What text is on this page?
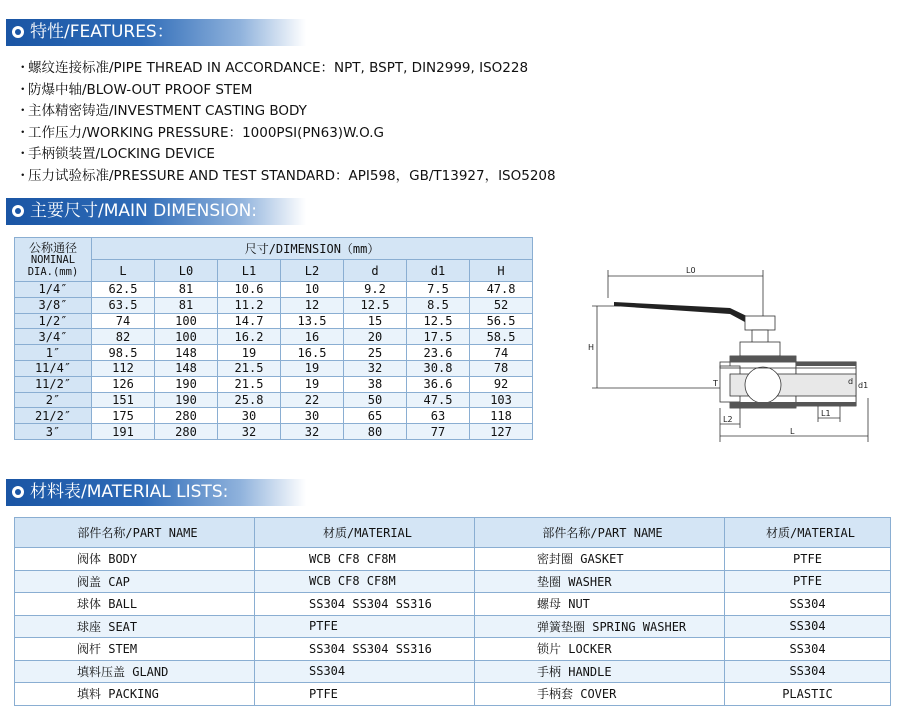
特性/FEATURES：
・螺纹连接标准/PIPE THREAD IN ACCORDANCE：NPT, BSPT, DIN2999, ISO228
・防爆中轴/BLOW-OUT PROOF STEM
・主体精密铸造/INVESTMENT CASTING BODY
・工作压力/WORKING PRESSURE：1000PSI(PN63)W.O.G
・手柄锁装置/LOCKING DEVICE
・压力试验标准/PRESSURE AND TEST STANDARD：API598，GB/T13927，ISO5208
主要尺寸/MAIN DIMENSION:
公称通径
NOMINAL
DIA.(mm)	尺寸/DIMENSION（mm）						
	L	L0	L1	L2	d	d1	H
1/4″	62.5	81	10.6	10	9.2	7.5	47.8
3/8″	63.5	81	11.2	12	12.5	8.5	52
1/2″	74	100	14.7	13.5	15	12.5	56.5
3/4″	82	100	16.2	16	20	17.5	58.5
1″	98.5	148	19	16.5	25	23.6	74
11/4″	112	148	21.5	19	32	30.8	78
11/2″	126	190	21.5	19	38	36.6	92
2″	151	190	25.8	22	50	47.5	103
21/2″	175	280	30	30	65	63	118
3″	191	280	32	32	80	77	127
L0
H
T	d d1
L1
L2
L
材料表/MATERIAL LISTS:
部件名称/PART NAME	材质/MATERIAL	部件名称/PART NAME	材质/MATERIAL
阀体 BODY	WCB CF8 CF8M	密封圈 GASKET	PTFE
阀盖 CAP	WCB CF8 CF8M	垫圈 WASHER	PTFE
球体 BALL	SS304 SS304 SS316	螺母 NUT	SS304
球座 SEAT	PTFE	弹簧垫圈 SPRING WASHER	SS304
阀杆 STEM	SS304 SS304 SS316	锁片 LOCKER	SS304
填料压盖 GLAND	SS304	手柄 HANDLE	SS304
填料 PACKING	PTFE	手柄套 COVER	PLASTIC
